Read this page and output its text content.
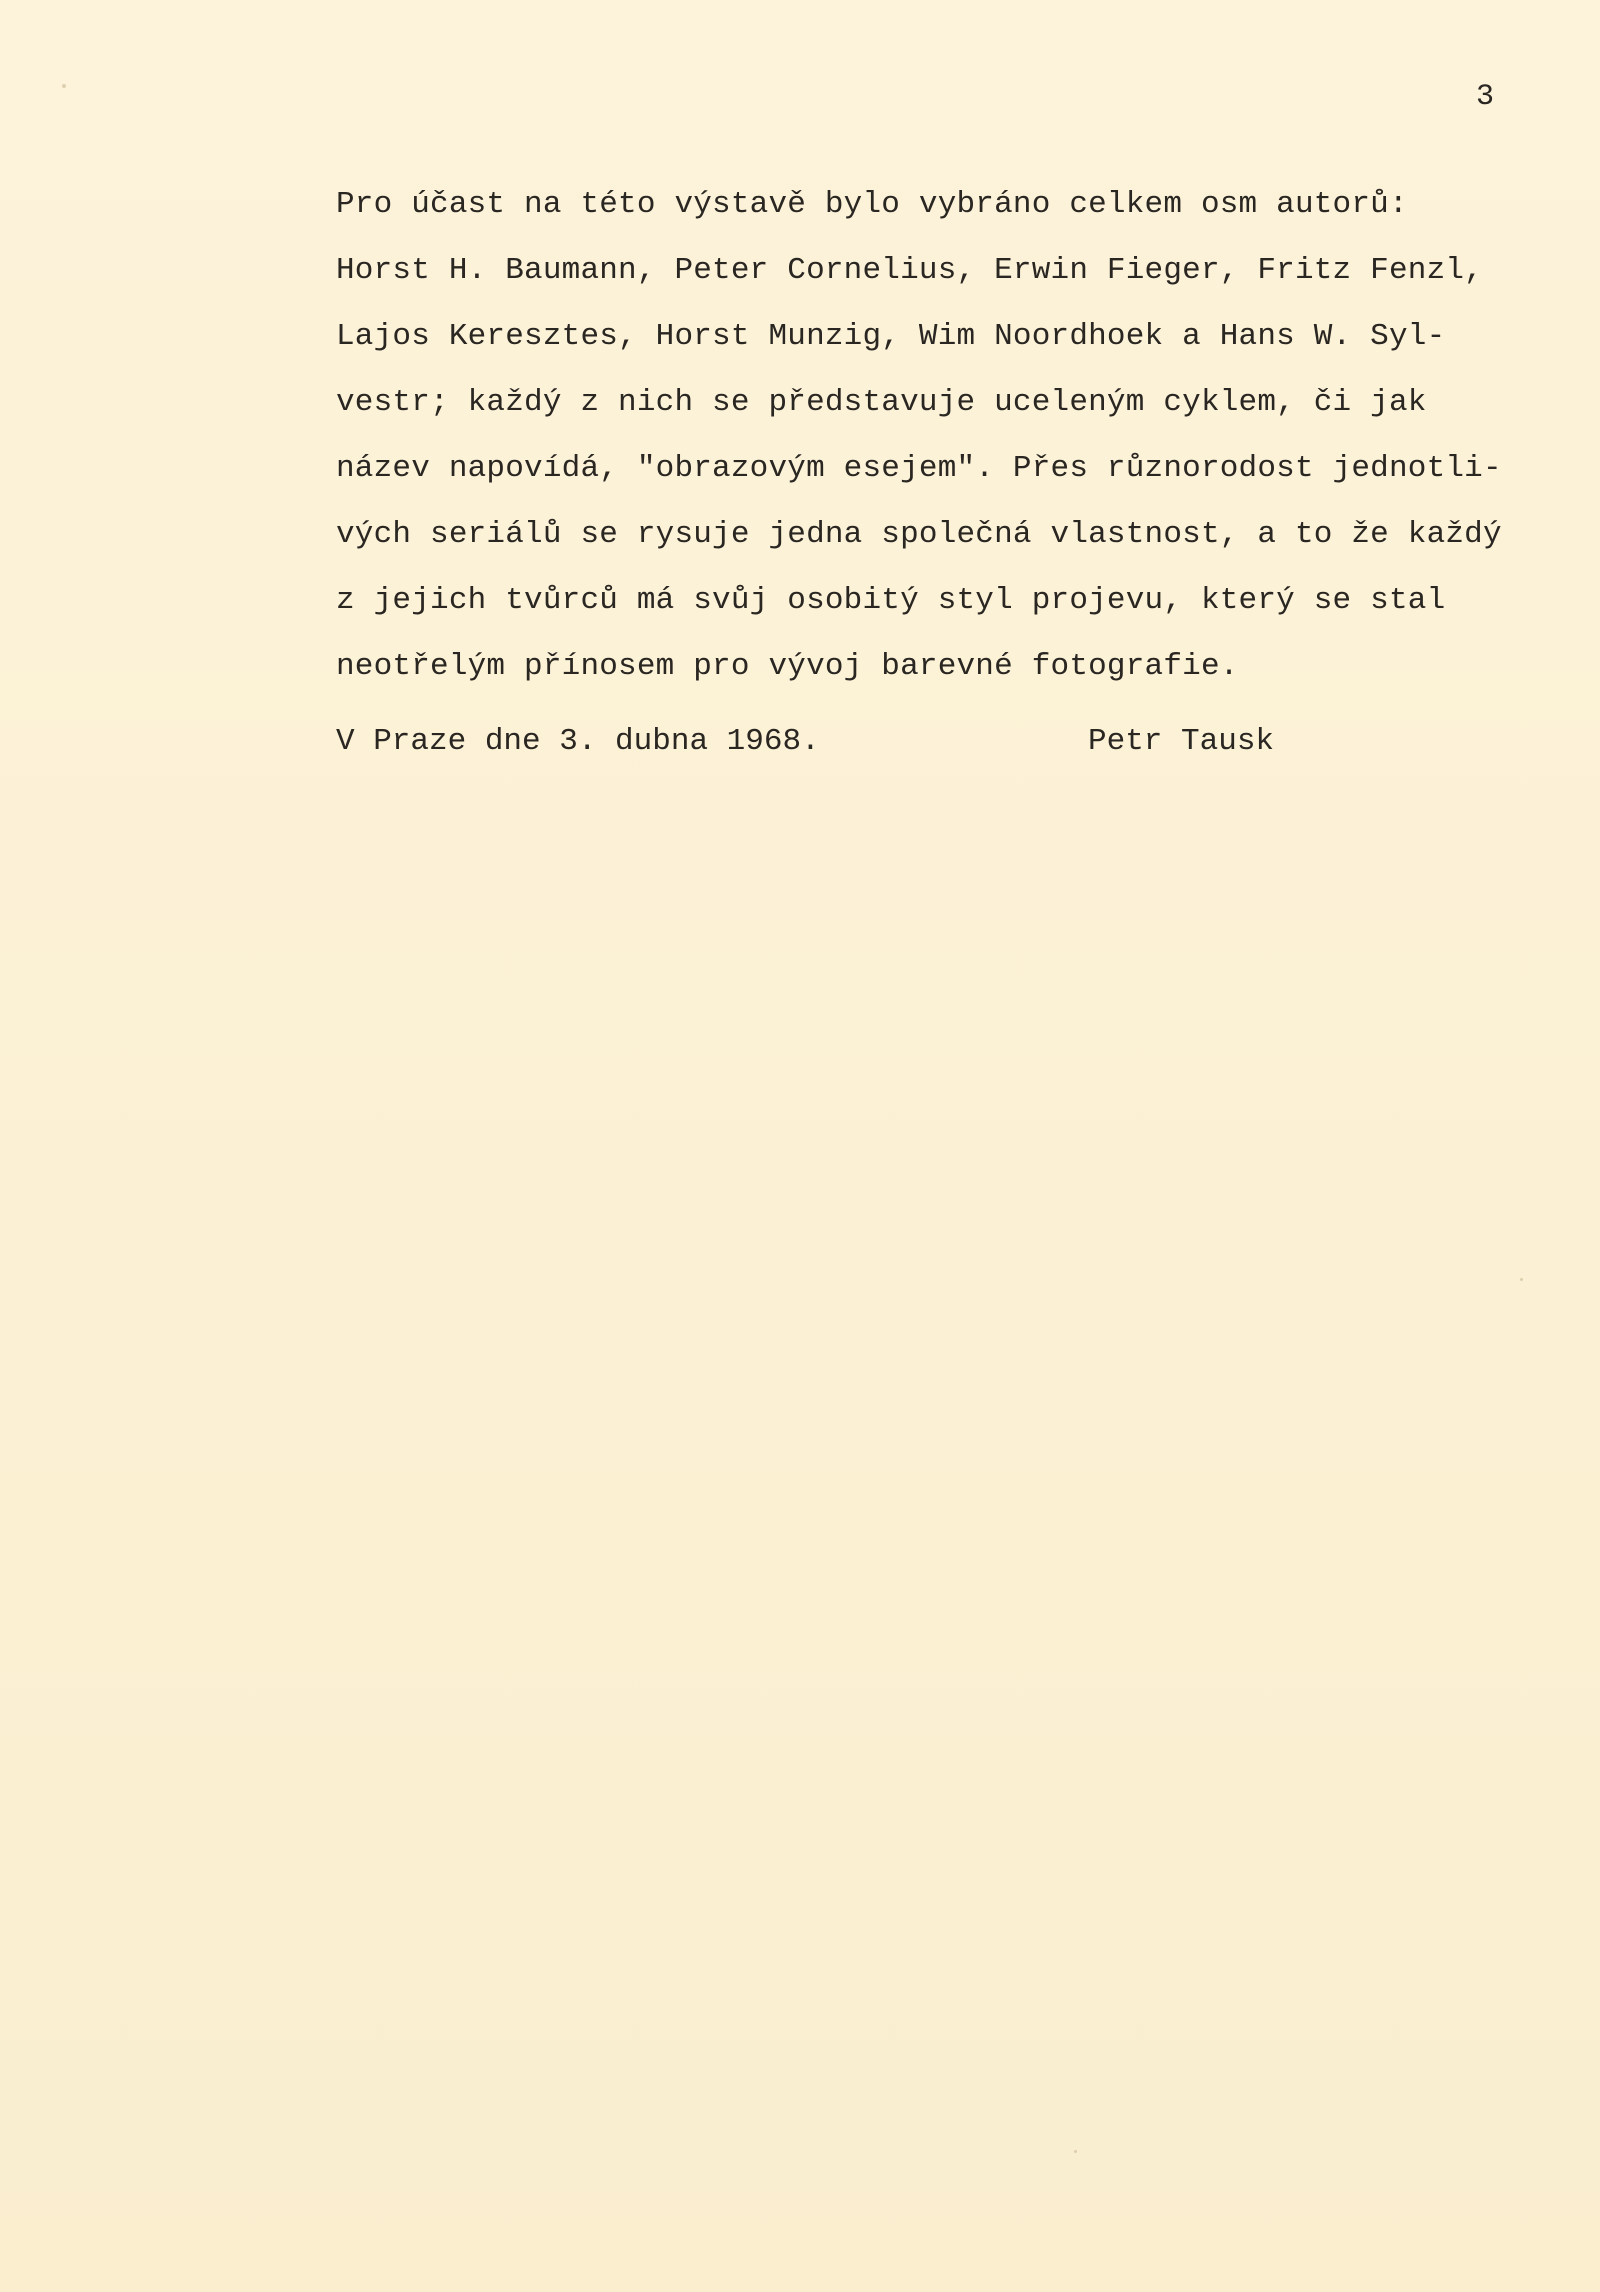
3
Pro účast na této výstavě bylo vybráno celkem osm autorů:
Horst H. Baumann, Peter Cornelius, Erwin Fieger, Fritz Fenzl,
Lajos Keresztes, Horst Munzig, Wim Noordhoek a Hans W. Syl-
vestr; každý z nich se představuje uceleným cyklem, či jak
název napovídá, "obrazovým esejem". Přes různorodost jednotli-
vých seriálů se rysuje jedna společná vlastnost, a to že každý
z jejich tvůrců má svůj osobitý styl projevu, který se stal
neotřelým přínosem pro vývoj barevné fotografie.
V Praze dne 3. dubna 1968.	Petr Tausk
